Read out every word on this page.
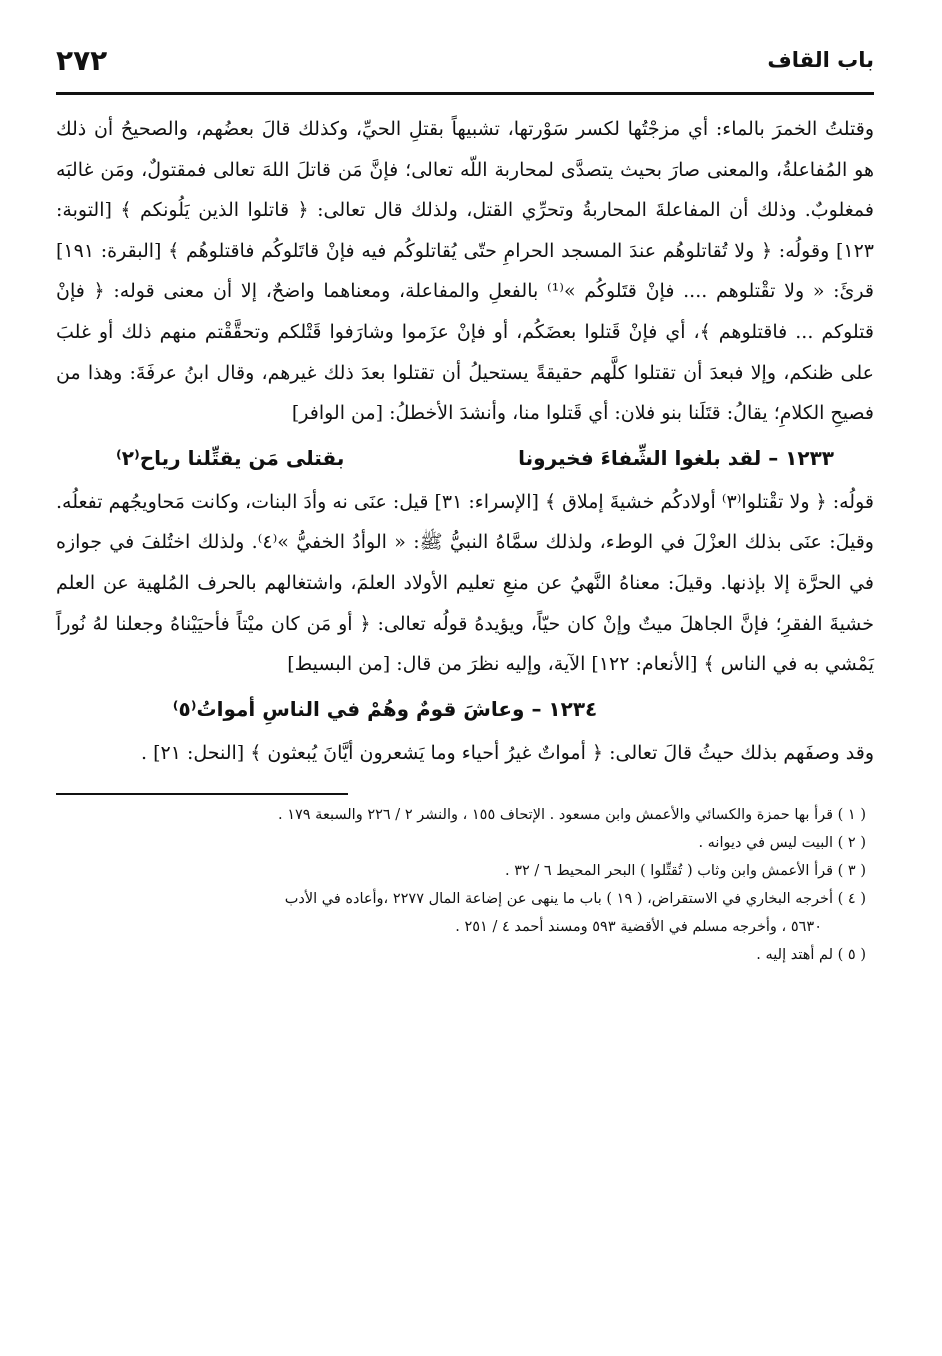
باب القاف
٢٧٢

وقتلتُ الخمرَ بالماء: أي مزجْتُها لكسر سَوْرتها، تشبيهاً بقتلِ الحيِّ، وكذلك قالَ بعضُهم، والصحيحُ أن ذلك هو المُفاعلةُ، والمعنى صارَ بحيث يتصدَّى لمحاربة اللّه تعالى؛ فإنَّ مَن قاتلَ اللهَ تعالى فمقتولٌ، ومَن غالبَه فمغلوبٌ. وذلك أن المفاعلةَ المحاربةُ وتحرِّي القتل، ولذلك قال تعالى: ﴿ قاتلوا الذين يَلُونكم ﴾ [التوبة: ١٢٣] وقولُه: ﴿ ولا تُقاتلوهُم عندَ المسجد الحرامِ حتّى يُقاتلوكُم فيه فإنْ قاتَلوكُم فاقتلوهُم ﴾ [البقرة: ١٩١] قرئَ: « ولا تقْتلوهم .... فإنْ قتَلوكُم »⁽¹⁾ بالفعلِ والمفاعلة، ومعناهما واضحٌ، إلا أن معنى قوله: ﴿ فإنْ قتلوكم ... فاقتلوهم ﴾، أي فإنْ قَتلوا بعضَكُم، أو فإنْ عزَموا وشارَفوا قَتْلكم وتحقَّقْتم منهم ذلك أو غلبَ على ظنكم، وإلا فبعدَ أن تقتلوا كلَّهم حقيقةً يستحيلُ أن تقتلوا بعدَ ذلك غيرهم، وقال ابنُ عرفَةَ: وهذا من فصيحِ الكلامِ؛ يقالُ: قتَلَنا بنو فلان: أي قَتلوا منا، وأنشدَ الأخطلُ: [من الوافر]

١٢٣٣ – لقد بلغوا الشِّفاءَ فخيرونا
بقتلى مَن يقتِّلنا رياح⁽٢⁾

قولُه: ﴿ ولا تقْتلوا⁽٣⁾ أولادكُم خشيةَ إملاق ﴾ [الإسراء: ٣١] قيل: عنَى نه وأدَ البنات، وكانت مَحاويجُهم تفعلُه. وقيلَ: عنَى بذلك العزْلَ في الوطء، ولذلك سمَّاهُ النبيُّ ﷺ: « الوأدُ الخفيُّ »⁽٤⁾. ولذلك اختُلفَ في جوازه في الحرَّة إلا بإذنها. وقيلَ: معناهُ النَّهيُ عن منعِ تعليم الأولاد العلمَ، واشتغالهم بالحرف المُلهية عن العلم خشيةَ الفقرِ؛ فإنَّ الجاهلَ ميتٌ وإنْ كان حيّاً، ويؤيدهُ قولُه تعالى: ﴿ أو مَن كان ميْتاً فأحيَيْناهُ وجعلنا لهُ نُوراً يَمْشي به في الناس ﴾ [الأنعام: ١٢٢] الآية، وإليه نظرَ من قال: [من البسيط]

١٢٣٤ – وعاشَ قومٌ وهُمْ في الناسِ أمواتُ⁽٥⁾

وقد وصفَهم بذلك حيثُ قالَ تعالى: ﴿ أمواتٌ غيرُ أحياء وما يَشعرون أيَّانَ يُبعثون ﴾ [النحل: ٢١] .

( ١ ) قرأ بها حمزة والكسائي والأعمش وابن مسعود . الإتحاف ١٥٥ ، والنشر ٢ / ٢٢٦ والسبعة ١٧٩ .

( ٢ ) البيت ليس في ديوانه .

( ٣ ) قرأ الأعمش وابن وثاب ( تُقتِّلوا ) البحر المحيط ٦ / ٣٢ .

( ٤ ) أخرجه البخاري في الاستقراض، ( ١٩ ) باب ما ينهى عن إضاعة المال ٢٢٧٧ ،وأعاده في الأدب

٥٦٣٠ ، وأخرجه مسلم في الأقضية ٥٩٣ ومسند أحمد ٤ / ٢٥١ .

( ٥ ) لم أهتد إليه .
